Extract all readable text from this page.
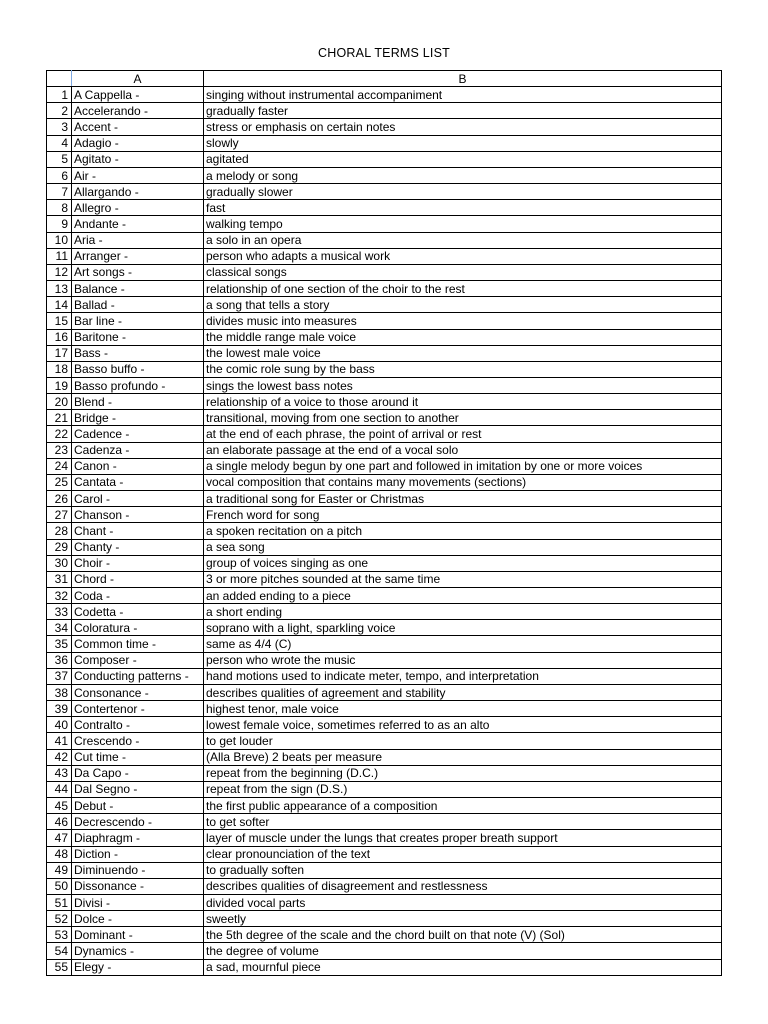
CHORAL TERMS LIST
	A	B
1	A Cappella -	singing without instrumental accompaniment
2	Accelerando -	gradually faster
3	Accent -	stress or emphasis on certain notes
4	Adagio -	slowly
5	Agitato -	agitated
6	Air -	a melody or song
7	Allargando -	gradually slower
8	Allegro -	fast
9	Andante -	walking tempo
10	Aria -	a solo in an opera
11	Arranger -	person who adapts a musical work
12	Art songs -	classical songs
13	Balance -	relationship of one section of the choir to the rest
14	Ballad -	a song that tells a story
15	Bar line -	divides music into measures
16	Baritone -	the middle range male voice
17	Bass -	the lowest male voice
18	Basso buffo -	the comic role sung by the bass
19	Basso profundo -	sings the lowest bass notes
20	Blend -	relationship of a voice to those around it
21	Bridge -	transitional, moving from one section to another
22	Cadence -	at the end of each phrase, the point of arrival or rest
23	Cadenza -	an elaborate passage at the end of a vocal solo
24	Canon -	a single melody begun by one part and followed in imitation by one or more voices
25	Cantata -	vocal composition that contains many movements (sections)
26	Carol -	a traditional song for Easter or Christmas
27	Chanson -	French word for song
28	Chant -	a spoken recitation on a pitch
29	Chanty -	a sea song
30	Choir -	group of voices singing as one
31	Chord -	3 or more pitches sounded at the same time
32	Coda -	an added ending to a piece
33	Codetta -	a short ending
34	Coloratura -	soprano with a light, sparkling voice
35	Common time -	same as 4/4 (C)
36	Composer -	person who wrote the music
37	Conducting patterns -	hand motions used to indicate meter, tempo, and interpretation
38	Consonance -	describes qualities of agreement and stability
39	Contertenor -	highest tenor, male voice
40	Contralto -	lowest female voice, sometimes referred to as an alto
41	Crescendo -	to get louder
42	Cut time -	(Alla Breve) 2 beats per measure
43	Da Capo -	repeat from the beginning (D.C.)
44	Dal Segno -	repeat from the sign (D.S.)
45	Debut -	the first public appearance of a composition
46	Decrescendo -	to get softer
47	Diaphragm -	layer of muscle under the lungs that creates proper breath support
48	Diction -	clear pronounciation of the text
49	Diminuendo -	to gradually soften
50	Dissonance -	describes qualities of disagreement and restlessness
51	Divisi -	divided vocal parts
52	Dolce -	sweetly
53	Dominant -	the 5th degree of the scale and the chord built on that note (V) (Sol)
54	Dynamics -	the degree of volume
55	Elegy -	a sad, mournful piece
